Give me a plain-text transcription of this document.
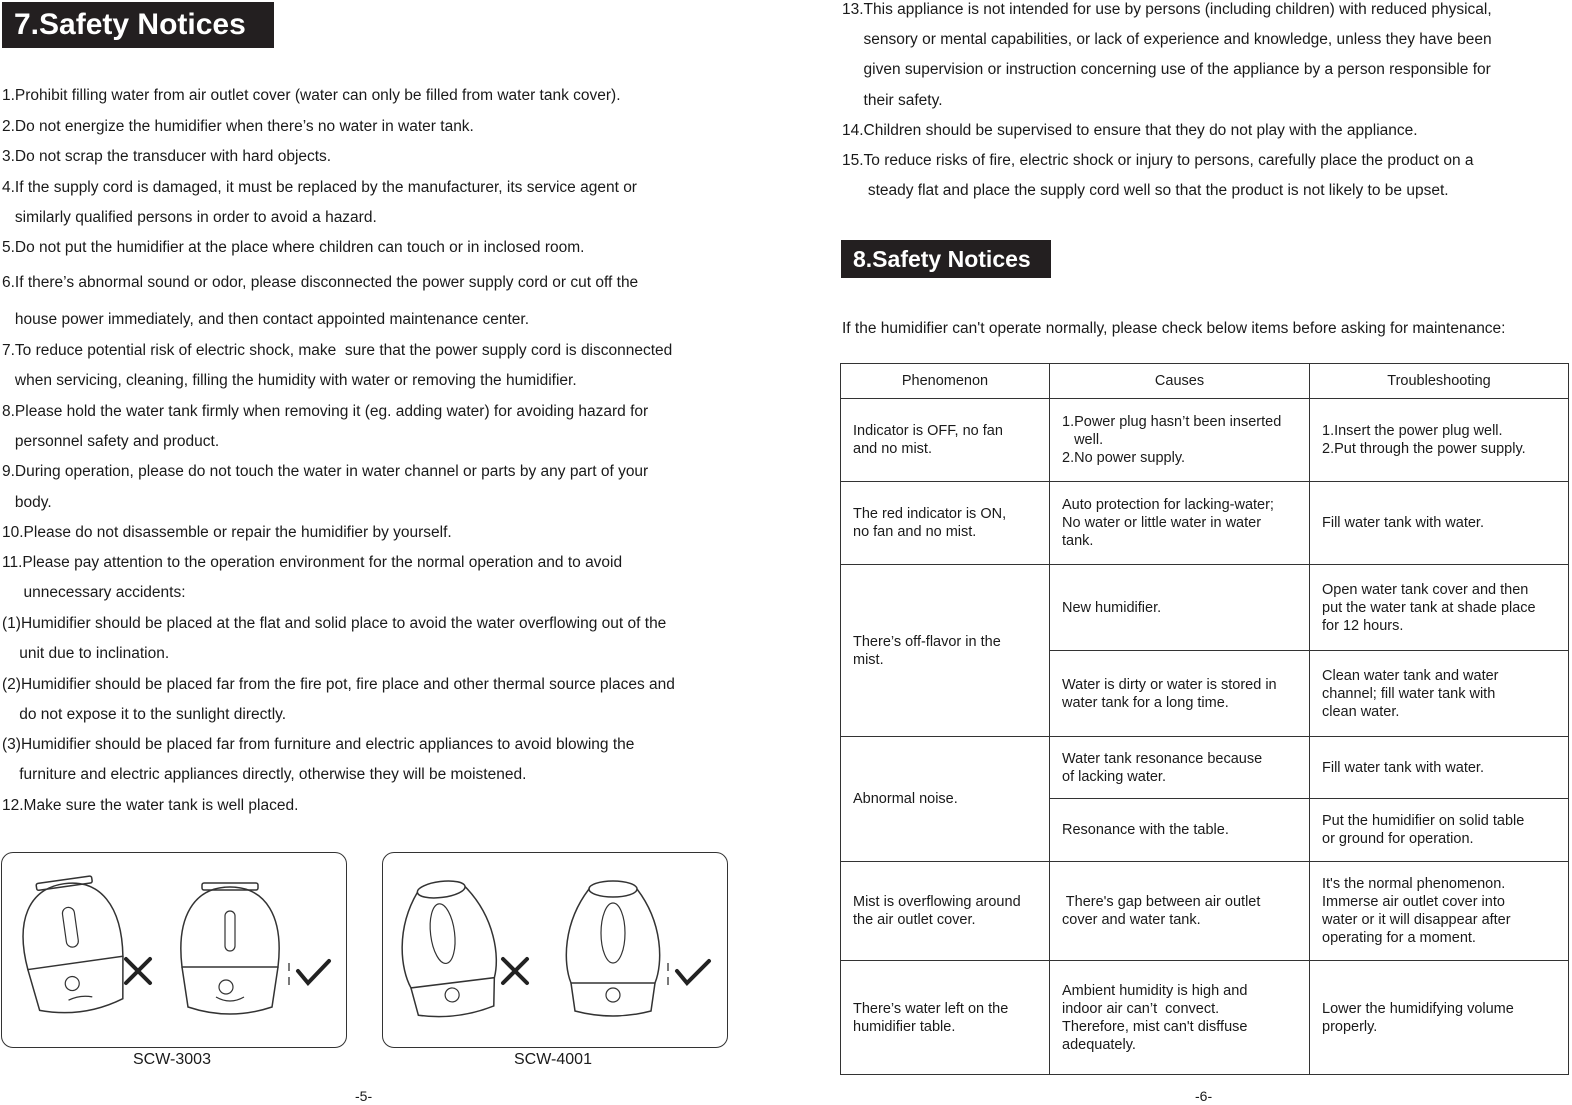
7.Safety Notices
1.Prohibit filling water from air outlet cover (water can only be filled from water tank cover).
2.Do not energize the humidifier when there’s no water in water tank.
3.Do not scrap the transducer with hard objects.
4.If the supply cord is damaged, it must be replaced by the manufacturer, its service agent or
similarly qualified persons in order to avoid a hazard.
5.Do not put the humidifier at the place where children can touch or in inclosed room.
6.If there’s abnormal sound or odor, please disconnected the power supply cord or cut off the
house power immediately, and then contact appointed maintenance center.
7.To reduce potential risk of electric shock, make  sure that the power supply cord is disconnected
when servicing, cleaning, filling the humidity with water or removing the humidifier.
8.Please hold the water tank firmly when removing it (eg. adding water) for avoiding hazard for
personnel safety and product.
9.During operation, please do not touch the water in water channel or parts by any part of your
body.
10.Please do not disassemble or repair the humidifier by yourself.
11.Please pay attention to the operation environment for the normal operation and to avoid
unnecessary accidents:
(1)Humidifier should be placed at the flat and solid place to avoid the water overflowing out of the
unit due to inclination.
(2)Humidifier should be placed far from the fire pot, fire place and other thermal source places and
do not expose it to the sunlight directly.
(3)Humidifier should be placed far from furniture and electric appliances to avoid blowing the
furniture and electric appliances directly, otherwise they will be moistened.
12.Make sure the water tank is well placed.
13.This appliance is not intended for use by persons (including children) with reduced physical,
sensory or mental capabilities, or lack of experience and knowledge, unless they have been
given supervision or instruction concerning use of the appliance by a person responsible for
their safety.
14.Children should be supervised to ensure that they do not play with the appliance.
15.To reduce risks of fire, electric shock or injury to persons, carefully place the product on a
steady flat and place the supply cord well so that the product is not likely to be upset.
8.Safety Notices
If the humidifier can't operate normally, please check below items before asking for maintenance:
Phenomenon	Causes	Troubleshooting

Indicator is OFF, no fan
and no mist.	1.Power plug hasn’t been inserted
well.
2.No power supply.	1.Insert the power plug well.
2.Put through the power supply.

The red indicator is ON,
no fan and no mist.	Auto protection for lacking-water;
No water or little water in water
tank.	Fill water tank with water.

There’s off-flavor in the
mist.	New humidifier.	Open water tank cover and then
put the water tank at shade place
for 12 hours.

	Water is dirty or water is stored in
water tank for a long time.	Clean water tank and water
channel; fill water tank with
clean water.

Abnormal noise.	Water tank resonance because
of lacking water.	Fill water tank with water.

	Resonance with the table.	Put the humidifier on solid table
or ground for operation.

Mist is overflowing around
the air outlet cover.	There's gap between air outlet
cover and water tank.	It's the normal phenomenon.
Immerse air outlet cover into
water or it will disappear after
operating for a moment.

There’s water left on the
humidifier table.	Ambient humidity is high and
indoor air can’t  convect.
Therefore, mist can't disffuse
adequately.	Lower the humidifying volume
properly.
SCW-3003	SCW-4001
-5-	-6-
